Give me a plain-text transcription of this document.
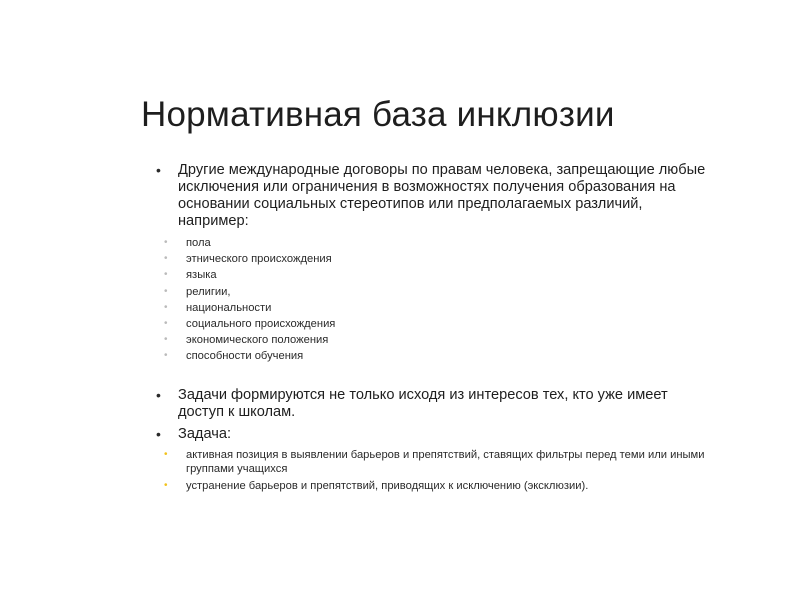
Нормативная база инклюзии
• Другие международные договоры по правам человека, запрещающие любые исключения или ограничения в возможностях получения образования на основании социальных стереотипов или предполагаемых различий, например:
• пола
• этнического происхождения
• языка
• религии,
• национальности
• социального происхождения
• экономического положения
• способности обучения
• Задачи формируются не только исходя из интересов тех, кто уже имеет доступ к школам.
• Задача:
• активная позиция в выявлении барьеров и препятствий, ставящих фильтры перед теми или иными группами учащихся
• устранение барьеров и препятствий, приводящих к исключению (эксклюзии).
